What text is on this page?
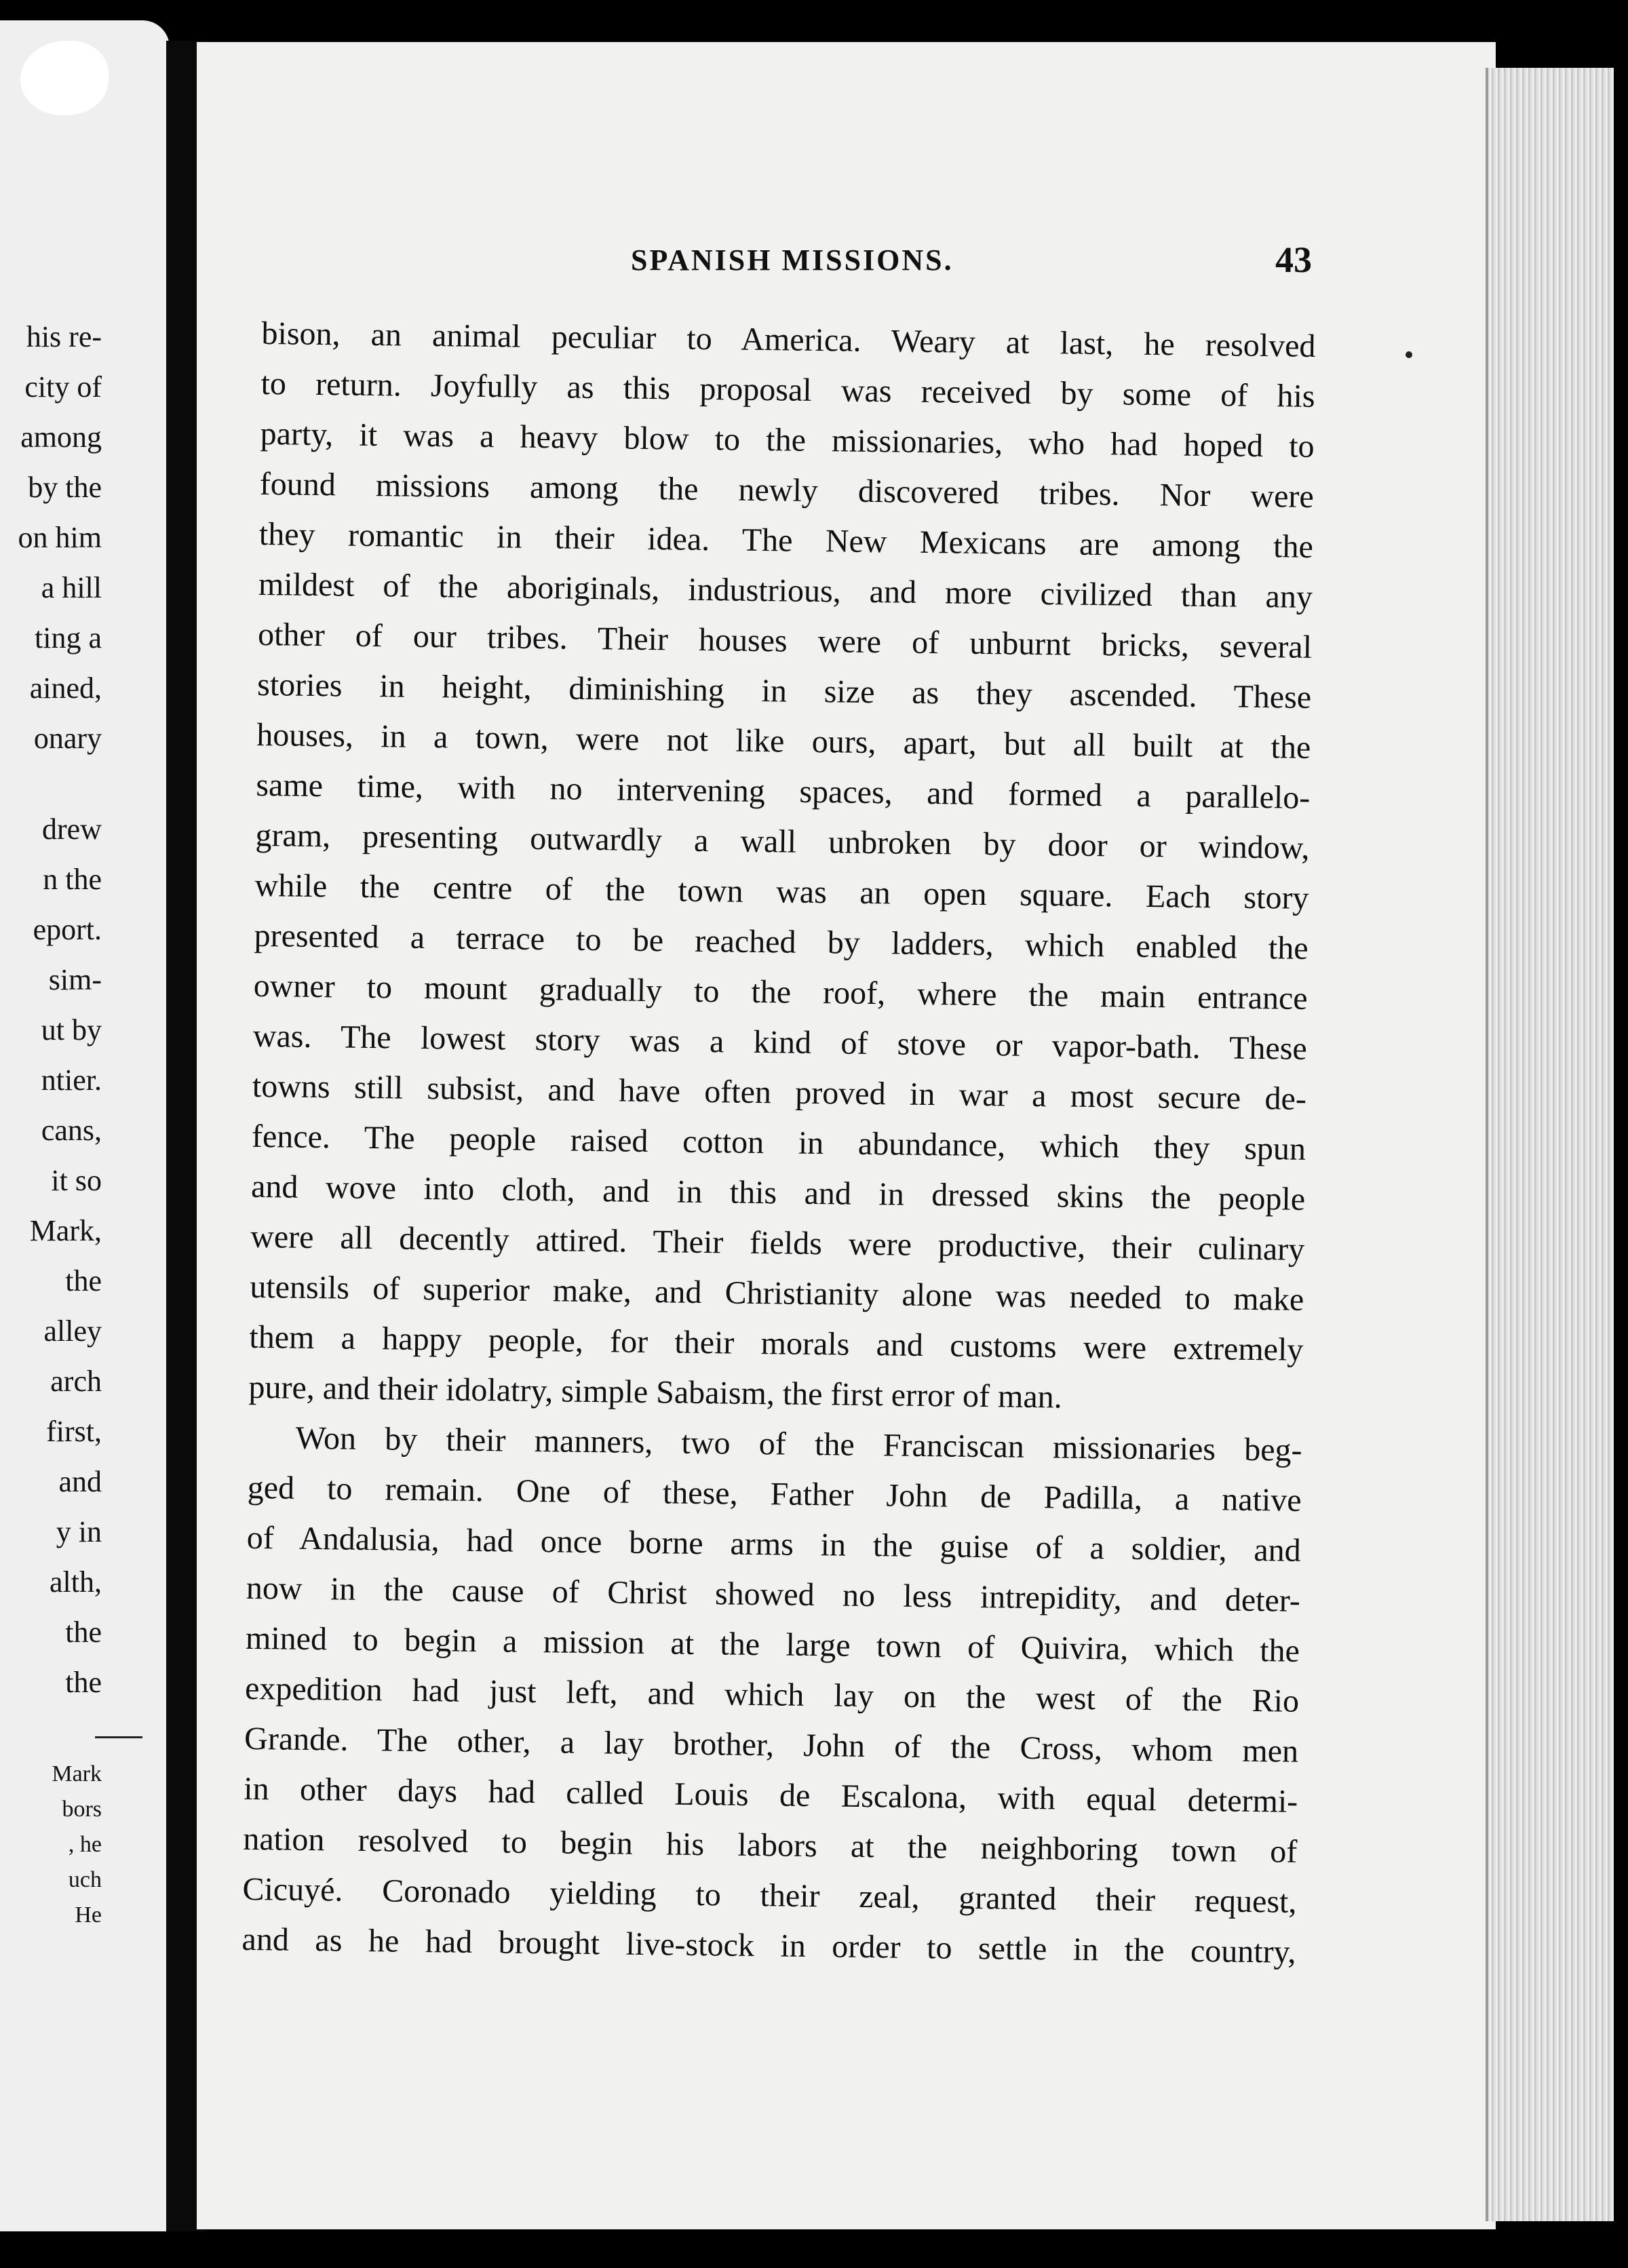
his re-
city of
among
by the
on him
a hill
ting a
ained,
onary
drew
n the
eport.
sim-
ut by
ntier.
cans,
it so
Mark,
the
alley
arch
first,
and
y in
alth,
the
the
Mark
bors
, he
uch
He
SPANISH MISSIONS.	43
bison, an animal peculiar to America. Weary at last, he resolved
to return. Joyfully as this proposal was received by some of his
party, it was a heavy blow to the missionaries, who had hoped to
found missions among the newly discovered tribes. Nor were
they romantic in their idea. The New Mexicans are among the
mildest of the aboriginals, industrious, and more civilized than any
other of our tribes. Their houses were of unburnt bricks, several
stories in height, diminishing in size as they ascended. These
houses, in a town, were not like ours, apart, but all built at the
same time, with no intervening spaces, and formed a parallelo-
gram, presenting outwardly a wall unbroken by door or window,
while the centre of the town was an open square. Each story
presented a terrace to be reached by ladders, which enabled the
owner to mount gradually to the roof, where the main entrance
was. The lowest story was a kind of stove or vapor-bath. These
towns still subsist, and have often proved in war a most secure de-
fence. The people raised cotton in abundance, which they spun
and wove into cloth, and in this and in dressed skins the people
were all decently attired. Their fields were productive, their culinary
utensils of superior make, and Christianity alone was needed to make
them a happy people, for their morals and customs were extremely
pure, and their idolatry, simple Sabaism, the first error of man.
Won by their manners, two of the Franciscan missionaries beg-
ged to remain. One of these, Father John de Padilla, a native
of Andalusia, had once borne arms in the guise of a soldier, and
now in the cause of Christ showed no less intrepidity, and deter-
mined to begin a mission at the large town of Quivira, which the
expedition had just left, and which lay on the west of the Rio
Grande. The other, a lay brother, John of the Cross, whom men
in other days had called Louis de Escalona, with equal determi-
nation resolved to begin his labors at the neighboring town of
Cicuyé. Coronado yielding to their zeal, granted their request,
and as he had brought live-stock in order to settle in the country,
